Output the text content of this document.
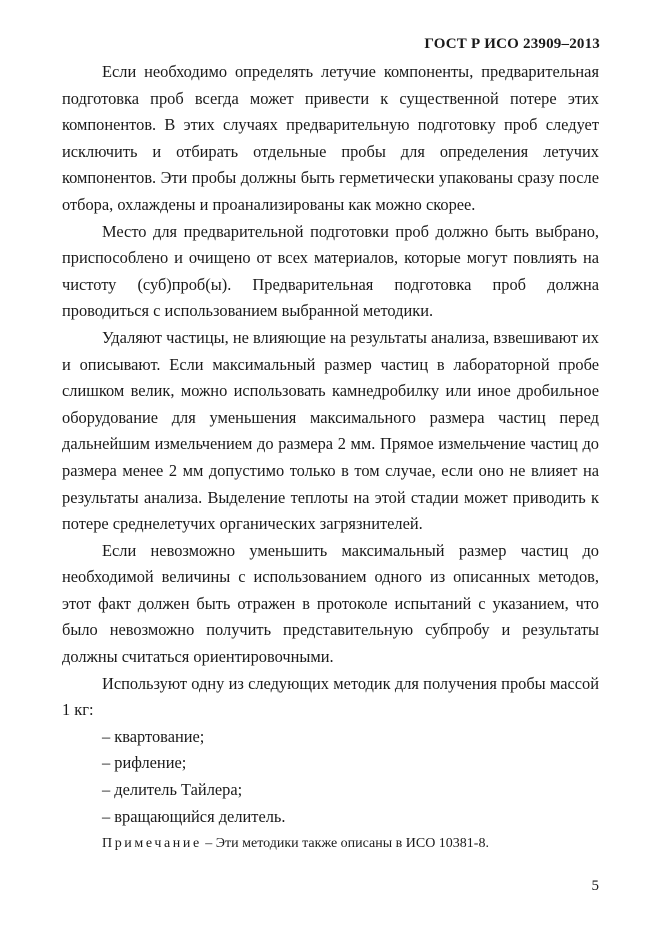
ГОСТ Р ИСО 23909–2013

Если необходимо определять летучие компоненты, предварительная подготовка проб всегда может привести к существенной потере этих компонентов. В этих случаях предварительную подготовку проб следует исключить и отбирать отдельные пробы для определения летучих компонентов. Эти пробы должны быть герметически упакованы сразу после отбора, охлаждены и проанализированы как можно скорее.

Место для предварительной подготовки проб должно быть выбрано, приспособлено и очищено от всех материалов, которые могут повлиять на чистоту (суб)проб(ы). Предварительная подготовка проб должна проводиться с использованием выбранной методики.

Удаляют частицы, не влияющие на результаты анализа, взвешивают их и описывают. Если максимальный размер частиц в лабораторной пробе слишком велик, можно использовать камнедробилку или иное дробильное оборудование для уменьшения максимального размера частиц перед дальнейшим измельчением до размера 2 мм. Прямое измельчение частиц до размера менее 2 мм допустимо только в том случае, если оно не влияет на результаты анализа. Выделение теплоты на этой стадии может приводить к потере среднелетучих органических загрязнителей.

Если невозможно уменьшить максимальный размер частиц до необходимой величины с использованием одного из описанных методов, этот факт должен быть отражен в протоколе испытаний с указанием, что было невозможно получить представительную субпробу и результаты должны считаться ориентировочными.

Используют одну из следующих методик для получения пробы массой 1 кг:

– квартование;

– рифление;

– делитель Тайлера;

– вращающийся делитель.

Примечание – Эти методики также описаны в ИСО 10381-8.

5
